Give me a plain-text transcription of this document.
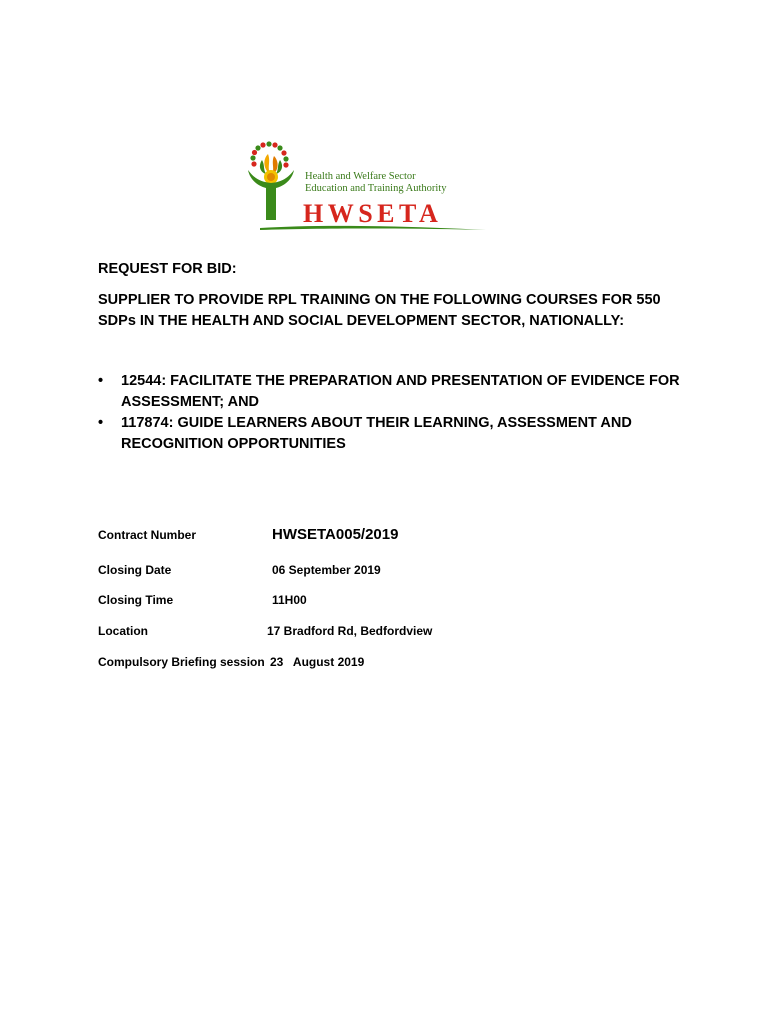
Health and Welfare Sector
Education and Training Authority
HWSETA
REQUEST FOR BID:
SUPPLIER TO PROVIDE RPL TRAINING ON THE FOLLOWING COURSES FOR 550 SDPs IN THE HEALTH AND SOCIAL DEVELOPMENT SECTOR, NATIONALLY:
• 12544: FACILITATE THE PREPARATION AND PRESENTATION OF EVIDENCE FOR ASSESSMENT; AND
• 117874: GUIDE LEARNERS ABOUT THEIR LEARNING, ASSESSMENT AND RECOGNITION OPPORTUNITIES
Contract Number	HWSETA005/2019
Closing Date	06 September 2019
Closing Time	11H00
Location	17 Bradford Rd, Bedfordview
Compulsory Briefing session 23   August 2019
